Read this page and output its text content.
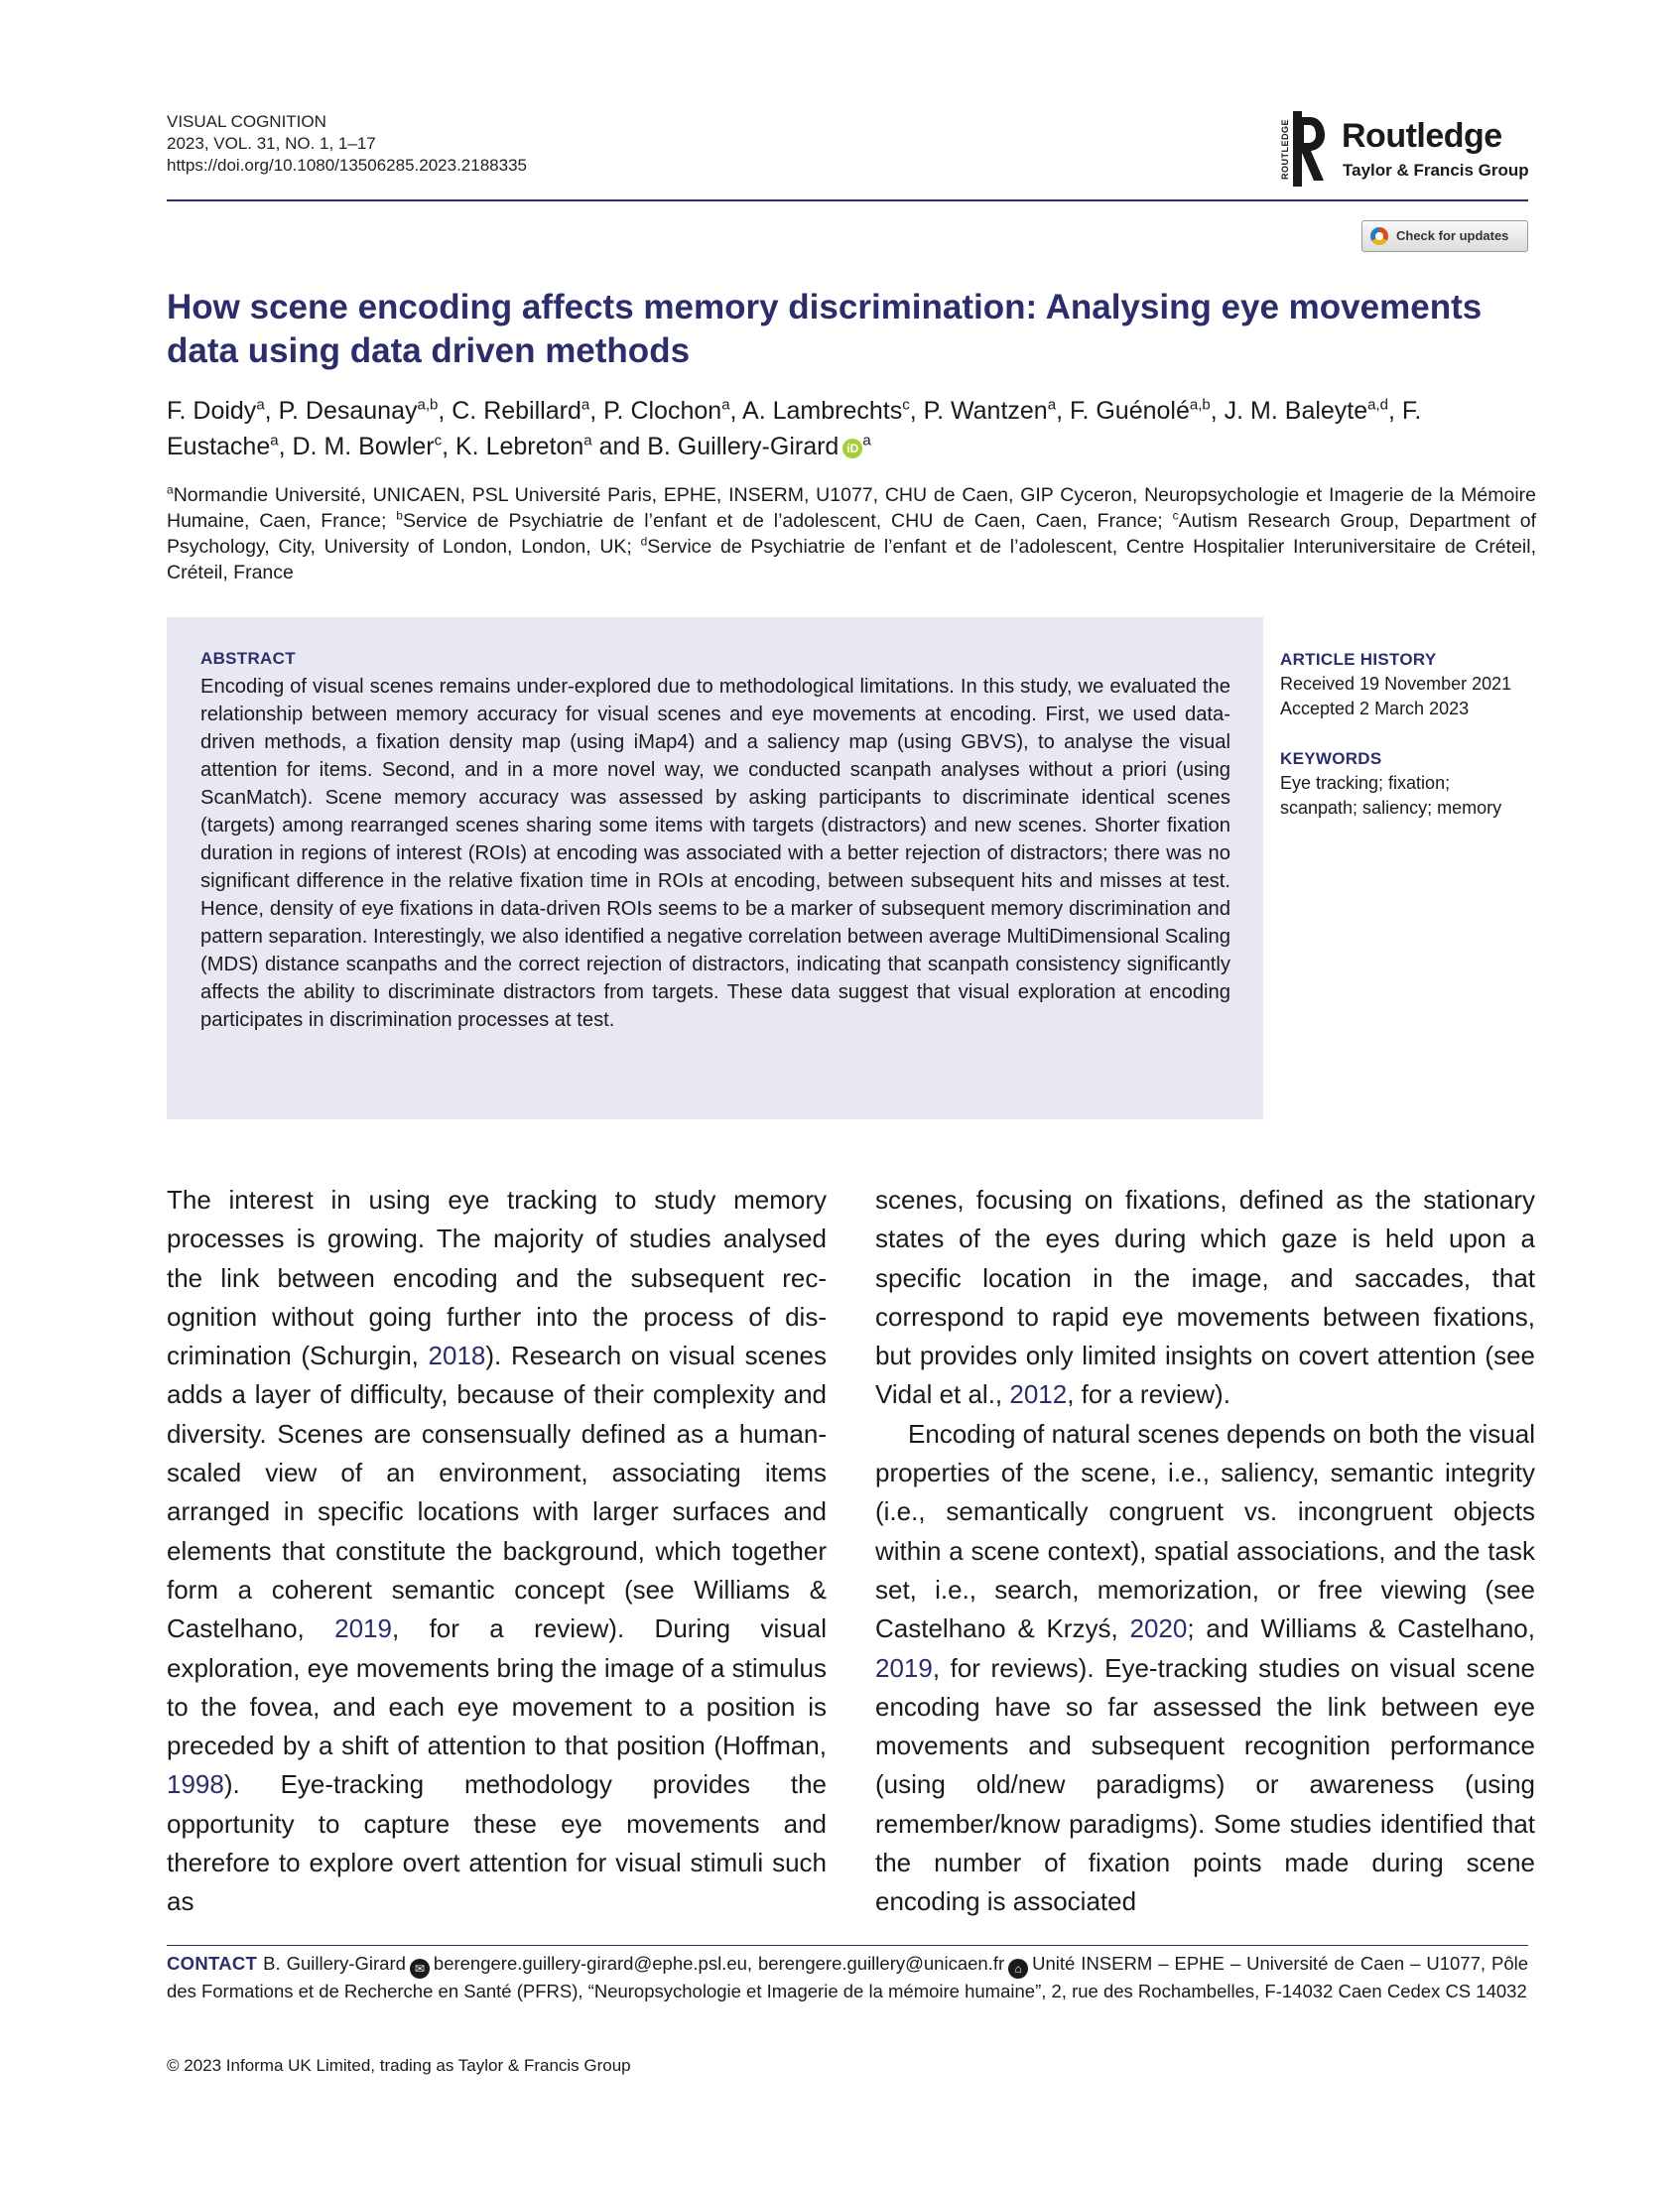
VISUAL COGNITION
2023, VOL. 31, NO. 1, 1–17
https://doi.org/10.1080/13506285.2023.2188335	ROUTLEDGE Routledge
Taylor & Francis Group
Check for updates
How scene encoding affects memory discrimination: Analysing eye movements data using data driven methods
F. Doidy$^a$, P. Desaunay$^{a,b}$, C. Rebillard$^a$, P. Clochon$^a$, A. Lambrechts$^c$, P. Wantzen$^a$, F. Guénolé$^{a,b}$, J. M. Baleyte$^{a,d}$, F. Eustache$^a$, D. M. Bowler$^c$, K. Lebreton$^a$ and B. Guillery-Girard iD $^a$
$^a$Normandie Université, UNICAEN, PSL Université Paris, EPHE, INSERM, U1077, CHU de Caen, GIP Cyceron, Neuropsychologie et Imagerie de la Mémoire Humaine, Caen, France; $^b$Service de Psychiatrie de l’enfant et de l’adolescent, CHU de Caen, Caen, France; $^c$Autism Research Group, Department of Psychology, City, University of London, London, UK; $^d$Service de Psychiatrie de l’enfant et de l’adolescent, Centre Hospitalier Interuniversitaire de Créteil, Créteil, France
ABSTRACT
Encoding of visual scenes remains under-explored due to methodological limitations. In this study, we evaluated the relationship between memory accuracy for visual scenes and eye movements at encoding. First, we used data-driven methods, a fixation density map (using iMap4) and a saliency map (using GBVS), to analyse the visual attention for items. Second, and in a more novel way, we conducted scanpath analyses without a priori (using ScanMatch). Scene memory accuracy was assessed by asking participants to discriminate identical scenes (targets) among rearranged scenes sharing some items with targets (distractors) and new scenes. Shorter fixation duration in regions of interest (ROIs) at encoding was associated with a better rejection of distractors; there was no significant difference in the relative fixation time in ROIs at encoding, between subsequent hits and misses at test. Hence, density of eye fixations in data-driven ROIs seems to be a marker of subsequent memory discrimination and pattern separation. Interestingly, we also identified a negative correlation between average MultiDimensional Scaling (MDS) distance scanpaths and the correct rejection of distractors, indicating that scanpath consistency significantly affects the ability to discriminate distractors from targets. These data suggest that visual exploration at encoding participates in discrimination processes at test.
ARTICLE HISTORY
Received 19 November 2021
Accepted 2 March 2023
KEYWORDS
Eye tracking; fixation; scanpath; saliency; memory

The interest in using eye tracking to study memory processes is growing. The majority of studies analysed the link between encoding and the subsequent recognition without going further into the process of discrimination (Schurgin, 2018). Research on visual scenes adds a layer of difficulty, because of their complexity and diversity. Scenes are consensually defined as a human-scaled view of an environment, associating items arranged in specific locations with larger surfaces and elements that constitute the background, which together form a coherent semantic concept (see Williams & Castelhano, 2019, for a review). During visual exploration, eye movements bring the image of a stimulus to the fovea, and each eye movement to a position is preceded by a shift of attention to that position (Hoffman, 1998). Eye-tracking methodology provides the opportunity to capture these eye movements and therefore to explore overt attention for visual stimuli such as

scenes, focusing on fixations, defined as the stationary states of the eyes during which gaze is held upon a specific location in the image, and saccades, that correspond to rapid eye movements between fixations, but provides only limited insights on covert attention (see Vidal et al., 2012, for a review).

Encoding of natural scenes depends on both the visual properties of the scene, i.e., saliency, semantic integrity (i.e., semantically congruent vs. incongruent objects within a scene context), spatial associations, and the task set, i.e., search, memorization, or free viewing (see Castelhano & Krzyś, 2020; and Williams & Castelhano, 2019, for reviews). Eye-tracking studies on visual scene encoding have so far assessed the link between eye movements and subsequent recognition performance (using old/new paradigms) or awareness (using remember/know paradigms). Some studies identified that the number of fixation points made during scene encoding is associated

CONTACT B. Guillery-Girard ✉ berengere.guillery-girard@ephe.psl.eu, berengere.guillery@unicaen.fr ⌂ Unité INSERM – EPHE – Université de Caen – U1077, Pôle des Formations et de Recherche en Santé (PFRS), “Neuropsychologie et Imagerie de la mémoire humaine”, 2, rue des Rochambelles, F-14032 Caen Cedex CS 14032
© 2023 Informa UK Limited, trading as Taylor & Francis Group
